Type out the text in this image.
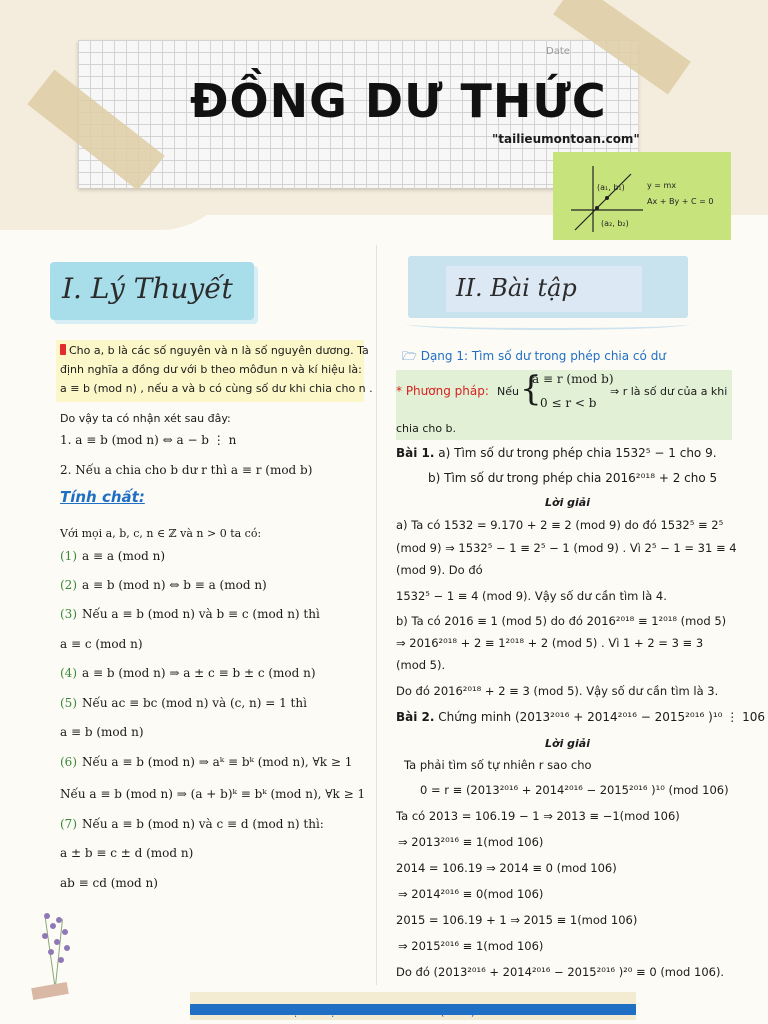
Date
ĐỒNG DƯ THỨC
"tailieumontoan.com"
(a₁, b₁)
(a₂, b₂)
y = mx
Ax + By + C = 0
I. Lý Thuyết
Cho a, b là các số nguyên và n là số nguyên dương. Ta
định nghĩa a đồng dư với b theo môđun n và kí hiệu là:
a ≡ b (mod n) , nếu a và b có cùng số dư khi chia cho n .
Do vậy ta có nhận xét sau đây:
1. a ≡ b (mod n) ⇔ a − b ⋮ n
2. Nếu a chia cho b dư r thì a ≡ r (mod b)
Tính chất:
Với mọi a, b, c, n ∈ ℤ và n > 0 ta có:
(1) a ≡ a (mod n)
(2) a ≡ b (mod n) ⇔ b ≡ a (mod n)
(3) Nếu a ≡ b (mod n) và b ≡ c (mod n) thì
a ≡ c (mod n)
(4) a ≡ b (mod n) ⇒ a ± c ≡ b ± c (mod n)
(5) Nếu ac ≡ bc (mod n) và (c, n) = 1 thì
a ≡ b (mod n)
(6) Nếu a ≡ b (mod n) ⇒ aᵏ ≡ bᵏ (mod n), ∀k ≥ 1
Nếu a ≡ b (mod n) ⇒ (a + b)ᵏ ≡ bᵏ (mod n), ∀k ≥ 1
(7) Nếu a ≡ b (mod n) và c ≡ d (mod n) thì:
a ± b ≡ c ± d (mod n)
ab ≡ cd (mod n)
II. Bài tập
🗁 Dạng 1: Tìm số dư trong phép chia có dư
* Phương pháp: Nếu {
a ≡ r (mod b)
0 ≤ r < b
⇒ r là số dư của a khi
chia cho b.
Bài 1. a) Tìm số dư trong phép chia 1532⁵ − 1 cho 9.
b) Tìm số dư trong phép chia 2016²⁰¹⁸ + 2 cho 5
Lời giải
a) Ta có 1532 = 9.170 + 2 ≡ 2 (mod 9) do đó 1532⁵ ≡ 2⁵
(mod 9) ⇒ 1532⁵ − 1 ≡ 2⁵ − 1 (mod 9) . Vì 2⁵ − 1 = 31 ≡ 4
(mod 9). Do đó
1532⁵ − 1 ≡ 4 (mod 9). Vậy số dư cần tìm là 4.
b) Ta có 2016 ≡ 1 (mod 5) do đó 2016²⁰¹⁸ ≡ 1²⁰¹⁸ (mod 5)
⇒ 2016²⁰¹⁸ + 2 ≡ 1²⁰¹⁸ + 2 (mod 5) . Vì 1 + 2 = 3 ≡ 3
(mod 5).
Do đó 2016²⁰¹⁸ + 2 ≡ 3 (mod 5). Vậy số dư cần tìm là 3.
Bài 2. Chứng minh (2013²⁰¹⁶ + 2014²⁰¹⁶ − 2015²⁰¹⁶ )¹⁰ ⋮ 106
Lời giải
Ta phải tìm số tự nhiên r sao cho
0 = r ≡ (2013²⁰¹⁶ + 2014²⁰¹⁶ − 2015²⁰¹⁶ )¹⁰ (mod 106)
Ta có 2013 = 106.19 − 1 ⇒ 2013 ≡ −1(mod 106)
⇒ 2013²⁰¹⁶ ≡ 1(mod 106)
2014 = 106.19 ⇒ 2014 ≡ 0 (mod 106)
⇒ 2014²⁰¹⁶ ≡ 0(mod 106)
2015 = 106.19 + 1 ⇒ 2015 ≡ 1(mod 106)
⇒ 2015²⁰¹⁶ ≡ 1(mod 106)
Do đó (2013²⁰¹⁶ + 2014²⁰¹⁶ − 2015²⁰¹⁶ )²⁰ ≡ 0 (mod 106).
